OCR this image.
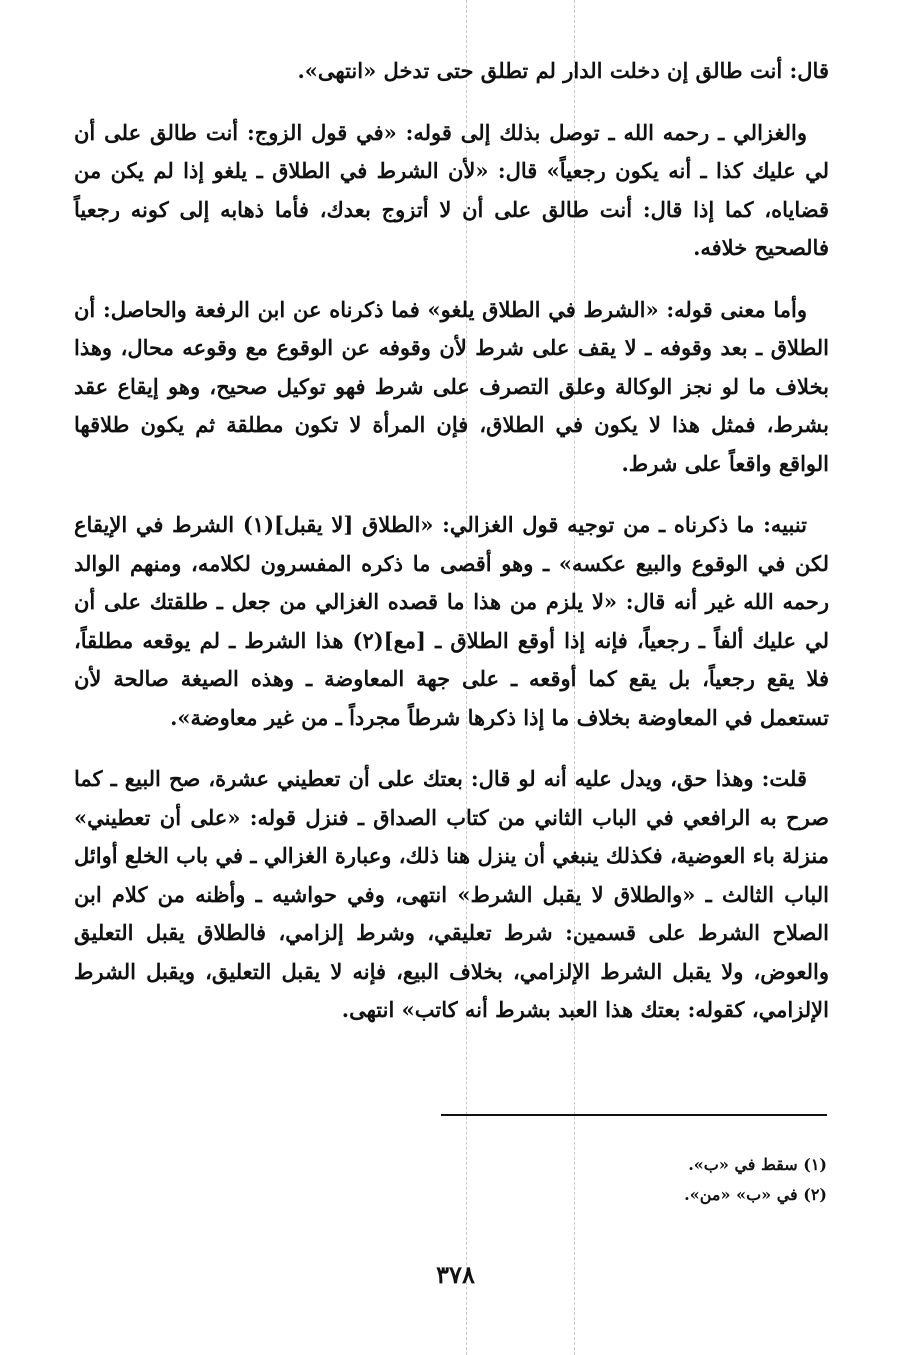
قال: أنت طالق إن دخلت الدار لم تطلق حتى تدخل «انتهى».

والغزالي ـ رحمه الله ـ توصل بذلك إلى قوله: «في قول الزوج: أنت طالق على أن لي عليك كذا ـ أنه يكون رجعياً» قال: «لأن الشرط في الطلاق ـ يلغو إذا لم يكن من قضاياه، كما إذا قال: أنت طالق على أن لا أتزوج بعدك، فأما ذهابه إلى كونه رجعياً فالصحيح خلافه.

وأما معنى قوله: «الشرط في الطلاق يلغو» فما ذكرناه عن ابن الرفعة والحاصل: أن الطلاق ـ بعد وقوفه ـ لا يقف على شرط لأن وقوفه عن الوقوع مع وقوعه محال، وهذا بخلاف ما لو نجز الوكالة وعلق التصرف على شرط فهو توكيل صحيح، وهو إيقاع عقد بشرط، فمثل هذا لا يكون في الطلاق، فإن المرأة لا تكون مطلقة ثم يكون طلاقها الواقع واقعاً على شرط.

تنبيه: ما ذكرناه ـ من توجيه قول الغزالي: «الطلاق [لا يقبل](١) الشرط في الإيقاع لكن في الوقوع والبيع عكسه» ـ وهو أقصى ما ذكره المفسرون لكلامه، ومنهم الوالد رحمه الله غير أنه قال: «لا يلزم من هذا ما قصده الغزالي من جعل ـ طلقتك على أن لي عليك ألفاً ـ رجعياً، فإنه إذا أوقع الطلاق ـ [مع](٢) هذا الشرط ـ لم يوقعه مطلقاً، فلا يقع رجعياً، بل يقع كما أوقعه ـ على جهة المعاوضة ـ وهذه الصيغة صالحة لأن تستعمل في المعاوضة بخلاف ما إذا ذكرها شرطاً مجرداً ـ من غير معاوضة».

قلت: وهذا حق، ويدل عليه أنه لو قال: بعتك على أن تعطيني عشرة، صح البيع ـ كما صرح به الرافعي في الباب الثاني من كتاب الصداق ـ فنزل قوله: «على أن تعطيني» منزلة باء العوضية، فكذلك ينبغي أن ينزل هنا ذلك، وعبارة الغزالي ـ في باب الخلع أوائل الباب الثالث ـ «والطلاق لا يقبل الشرط» انتهى، وفي حواشيه ـ وأظنه من كلام ابن الصلاح الشرط على قسمين: شرط تعليقي، وشرط إلزامي، فالطلاق يقبل التعليق والعوض، ولا يقبل الشرط الإلزامي، بخلاف البيع، فإنه لا يقبل التعليق، ويقبل الشرط الإلزامي، كقوله: بعتك هذا العبد بشرط أنه كاتب» انتهى.

(١) سقط في «ب».
(٢) في «ب» «من».
٣٧٨
